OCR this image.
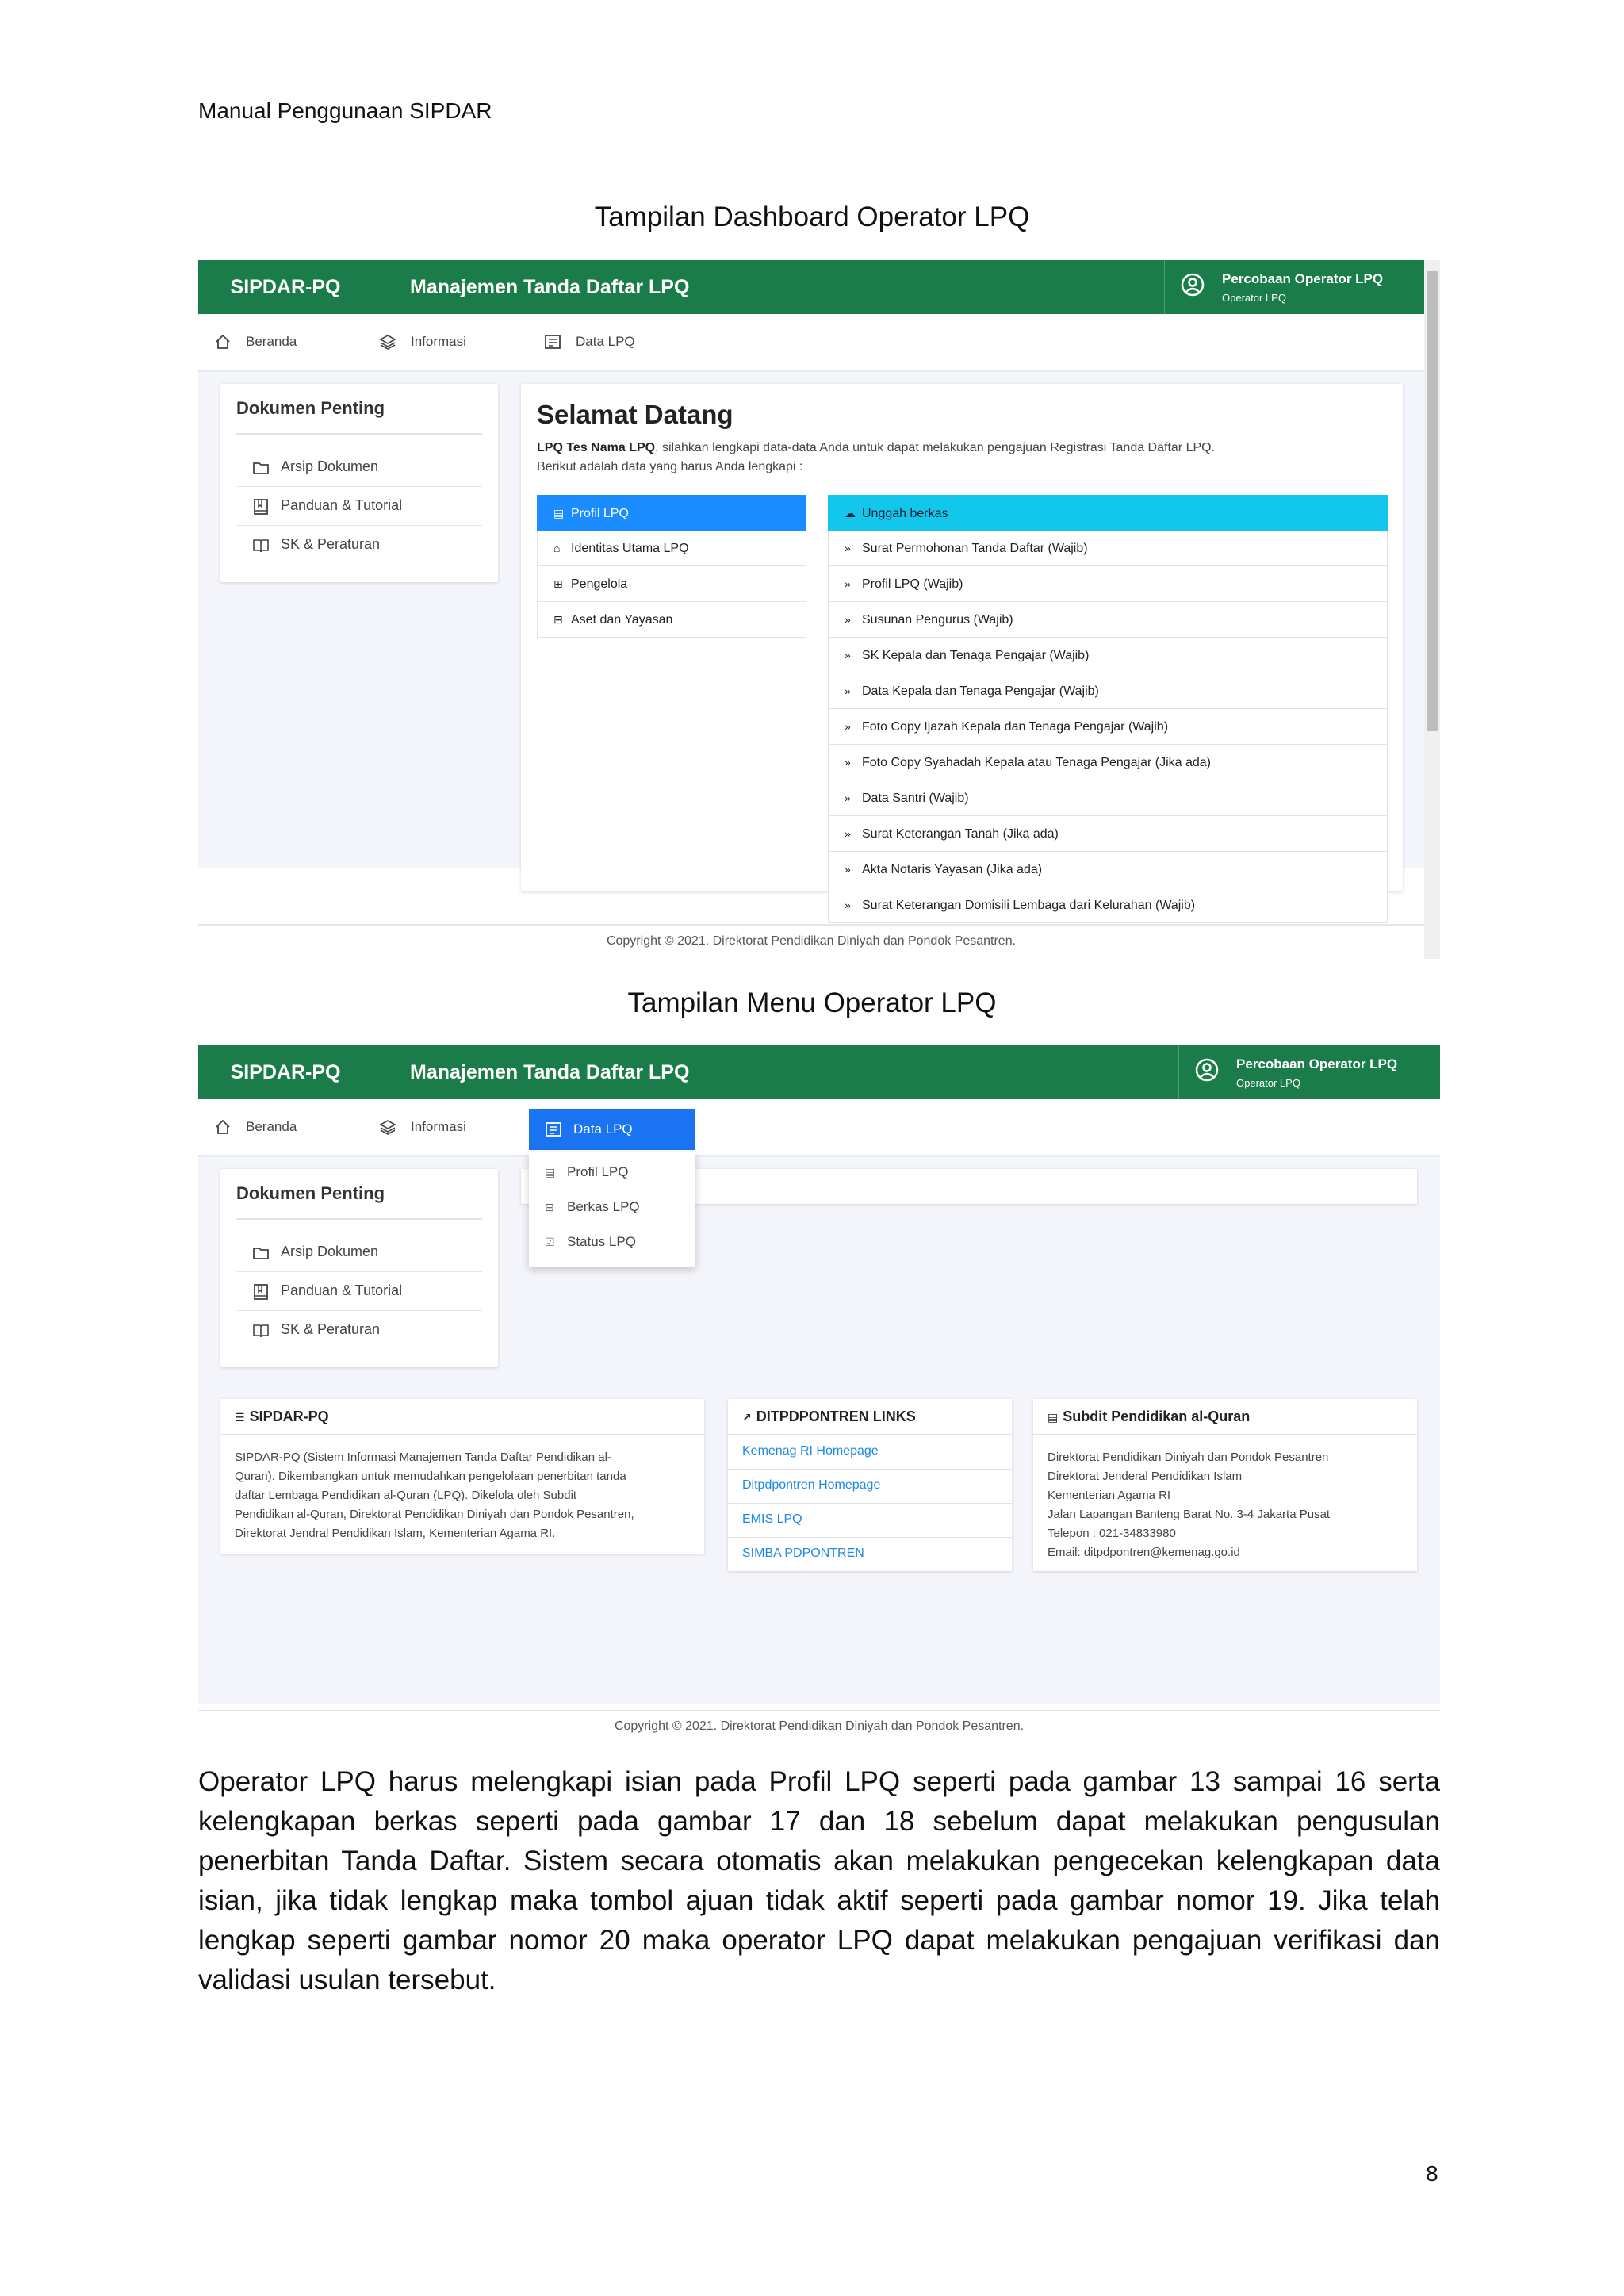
Manual Penggunaan SIPDAR
Tampilan Dashboard Operator LPQ
SIPDAR-PQ	Manajemen Tanda Daftar LPQ	Percobaan Operator LPQ
Operator LPQ
Beranda	Informasi	Data LPQ
Dokumen Penting
Arsip Dokumen
Panduan & Tutorial
SK & Peraturan
Selamat Datang
LPQ Tes Nama LPQ, silahkan lengkapi data-data Anda untuk dapat melakukan pengajuan Registrasi Tanda Daftar LPQ.
Berikut adalah data yang harus Anda lengkapi :
▤ Profil LPQ
⌂ Identitas Utama LPQ
⊞ Pengelola
⊟ Aset dan Yayasan
☁ Unggah berkas
» Surat Permohonan Tanda Daftar (Wajib)
» Profil LPQ (Wajib)
» Susunan Pengurus (Wajib)
» SK Kepala dan Tenaga Pengajar (Wajib)
» Data Kepala dan Tenaga Pengajar (Wajib)
» Foto Copy Ijazah Kepala dan Tenaga Pengajar (Wajib)
» Foto Copy Syahadah Kepala atau Tenaga Pengajar (Jika ada)
» Data Santri (Wajib)
» Surat Keterangan Tanah (Jika ada)
» Akta Notaris Yayasan (Jika ada)
» Surat Keterangan Domisili Lembaga dari Kelurahan (Wajib)
Copyright © 2021. Direktorat Pendidikan Diniyah dan Pondok Pesantren.
Tampilan Menu Operator LPQ
SIPDAR-PQ	Manajemen Tanda Daftar LPQ	Percobaan Operator LPQ
Operator LPQ
Beranda	Informasi	Data LPQ
Dokumen Penting
Arsip Dokumen
Panduan & Tutorial
SK & Peraturan
☰ SIPDAR-PQ
SIPDAR-PQ (Sistem Informasi Manajemen Tanda Daftar Pendidikan al-
Quran). Dikembangkan untuk memudahkan pengelolaan penerbitan tanda
daftar Lembaga Pendidikan al-Quran (LPQ). Dikelola oleh Subdit
Pendidikan al-Quran, Direktorat Pendidikan Diniyah dan Pondok Pesantren,
Direktorat Jendral Pendidikan Islam, Kementerian Agama RI.
↗ DITPDPONTREN LINKS
Kemenag RI Homepage
Ditpdpontren Homepage
EMIS LPQ
SIMBA PDPONTREN
▤ Subdit Pendidikan al-Quran
Direktorat Pendidikan Diniyah dan Pondok Pesantren
Direktorat Jenderal Pendidikan Islam
Kementerian Agama RI
Jalan Lapangan Banteng Barat No. 3-4 Jakarta Pusat
Telepon : 021-34833980
Email: ditpdpontren@kemenag.go.id
▤ Profil LPQ
⊟ Berkas LPQ
☑ Status LPQ
Copyright © 2021. Direktorat Pendidikan Diniyah dan Pondok Pesantren.
Operator LPQ harus melengkapi isian pada Profil LPQ seperti pada gambar 13 sampai 16 serta kelengkapan berkas seperti pada gambar 17 dan 18 sebelum dapat melakukan pengusulan penerbitan Tanda Daftar. Sistem secara otomatis akan melakukan pengecekan kelengkapan data isian, jika tidak lengkap maka tombol ajuan tidak aktif seperti pada gambar nomor 19. Jika telah lengkap seperti gambar nomor 20 maka operator LPQ dapat melakukan pengajuan verifikasi dan validasi usulan tersebut.
8
